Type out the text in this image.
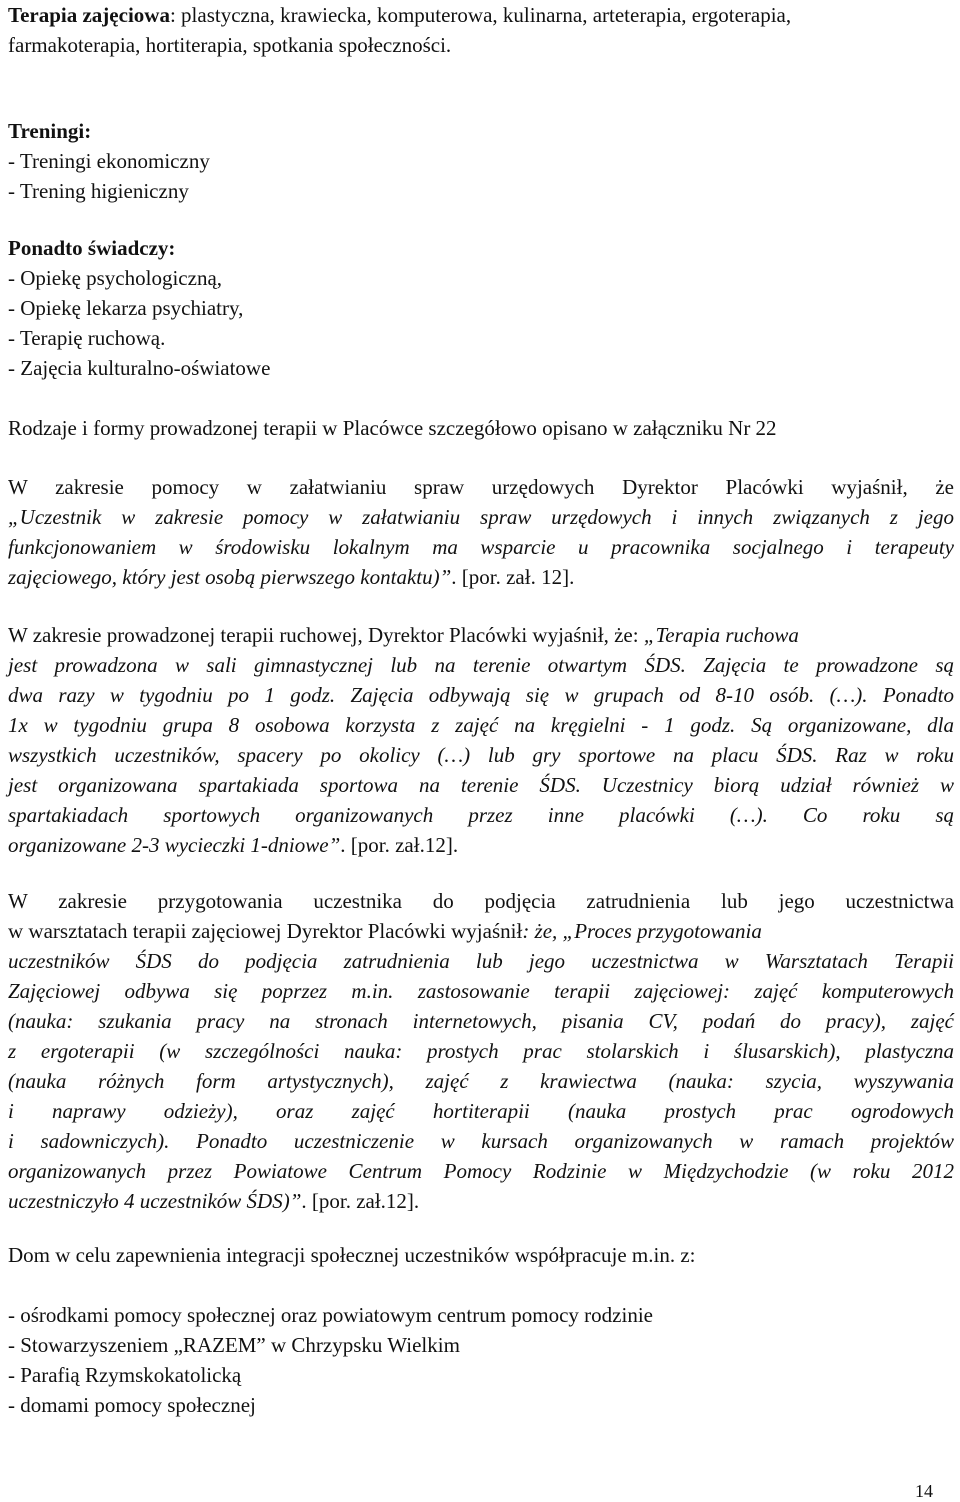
Terapia zajęciowa: plastyczna, krawiecka, komputerowa, kulinarna, arteterapia, ergoterapia,
farmakoterapia, hortiterapia, spotkania społeczności.
Treningi:
- Treningi ekonomiczny
- Trening higieniczny
Ponadto świadczy:
- Opiekę psychologiczną,
- Opiekę lekarza psychiatry,
- Terapię ruchową.
- Zajęcia kulturalno-oświatowe
Rodzaje i formy prowadzonej terapii w Placówce szczegółowo opisano w załączniku Nr 22
W zakresie pomocy w załatwianiu spraw urzędowych Dyrektor Placówki wyjaśnił, że
„Uczestnik w zakresie pomocy w załatwianiu spraw urzędowych i innych związanych z jego
funkcjonowaniem w środowisku lokalnym ma wsparcie u pracownika socjalnego i terapeuty
zajęciowego, który jest osobą pierwszego kontaktu)”. [por. zał. 12].
W zakresie prowadzonej terapii ruchowej, Dyrektor Placówki wyjaśnił, że: „Terapia ruchowa
jest prowadzona w sali gimnastycznej lub na terenie otwartym ŚDS. Zajęcia te prowadzone są
dwa razy w tygodniu po 1 godz. Zajęcia odbywają się w grupach od 8-10 osób. (…). Ponadto
1x w tygodniu grupa 8 osobowa korzysta z zajęć na kręgielni - 1 godz. Są organizowane, dla
wszystkich uczestników, spacery po okolicy (…) lub gry sportowe na placu ŚDS. Raz w roku
jest organizowana spartakiada sportowa na terenie ŚDS. Uczestnicy biorą udział również w
spartakiadach sportowych organizowanych przez inne placówki (…). Co roku są
organizowane 2-3 wycieczki 1-dniowe”. [por. zał.12].
W zakresie przygotowania uczestnika do podjęcia zatrudnienia lub jego uczestnictwa
w warsztatach terapii zajęciowej Dyrektor Placówki wyjaśnił: że, „Proces przygotowania
uczestników ŚDS do podjęcia zatrudnienia lub jego uczestnictwa w Warsztatach Terapii
Zajęciowej odbywa się poprzez m.in. zastosowanie terapii zajęciowej: zajęć komputerowych
(nauka: szukania pracy na stronach internetowych, pisania CV, podań do pracy), zajęć
z ergoterapii (w szczególności nauka: prostych prac stolarskich i ślusarskich), plastyczna
(nauka różnych form artystycznych), zajęć z krawiectwa (nauka: szycia, wyszywania
i naprawy odzieży), oraz zajęć hortiterapii (nauka prostych prac ogrodowych
i sadowniczych). Ponadto uczestniczenie w kursach organizowanych w ramach projektów
organizowanych przez Powiatowe Centrum Pomocy Rodzinie w Międzychodzie (w roku 2012
uczestniczyło 4 uczestników ŚDS)”. [por. zał.12].
Dom w celu zapewnienia integracji społecznej uczestników współpracuje m.in. z:
- ośrodkami pomocy społecznej oraz powiatowym centrum pomocy rodzinie
- Stowarzyszeniem „RAZEM” w Chrzypsku Wielkim
- Parafią Rzymskokatolicką
- domami pomocy społecznej
14
